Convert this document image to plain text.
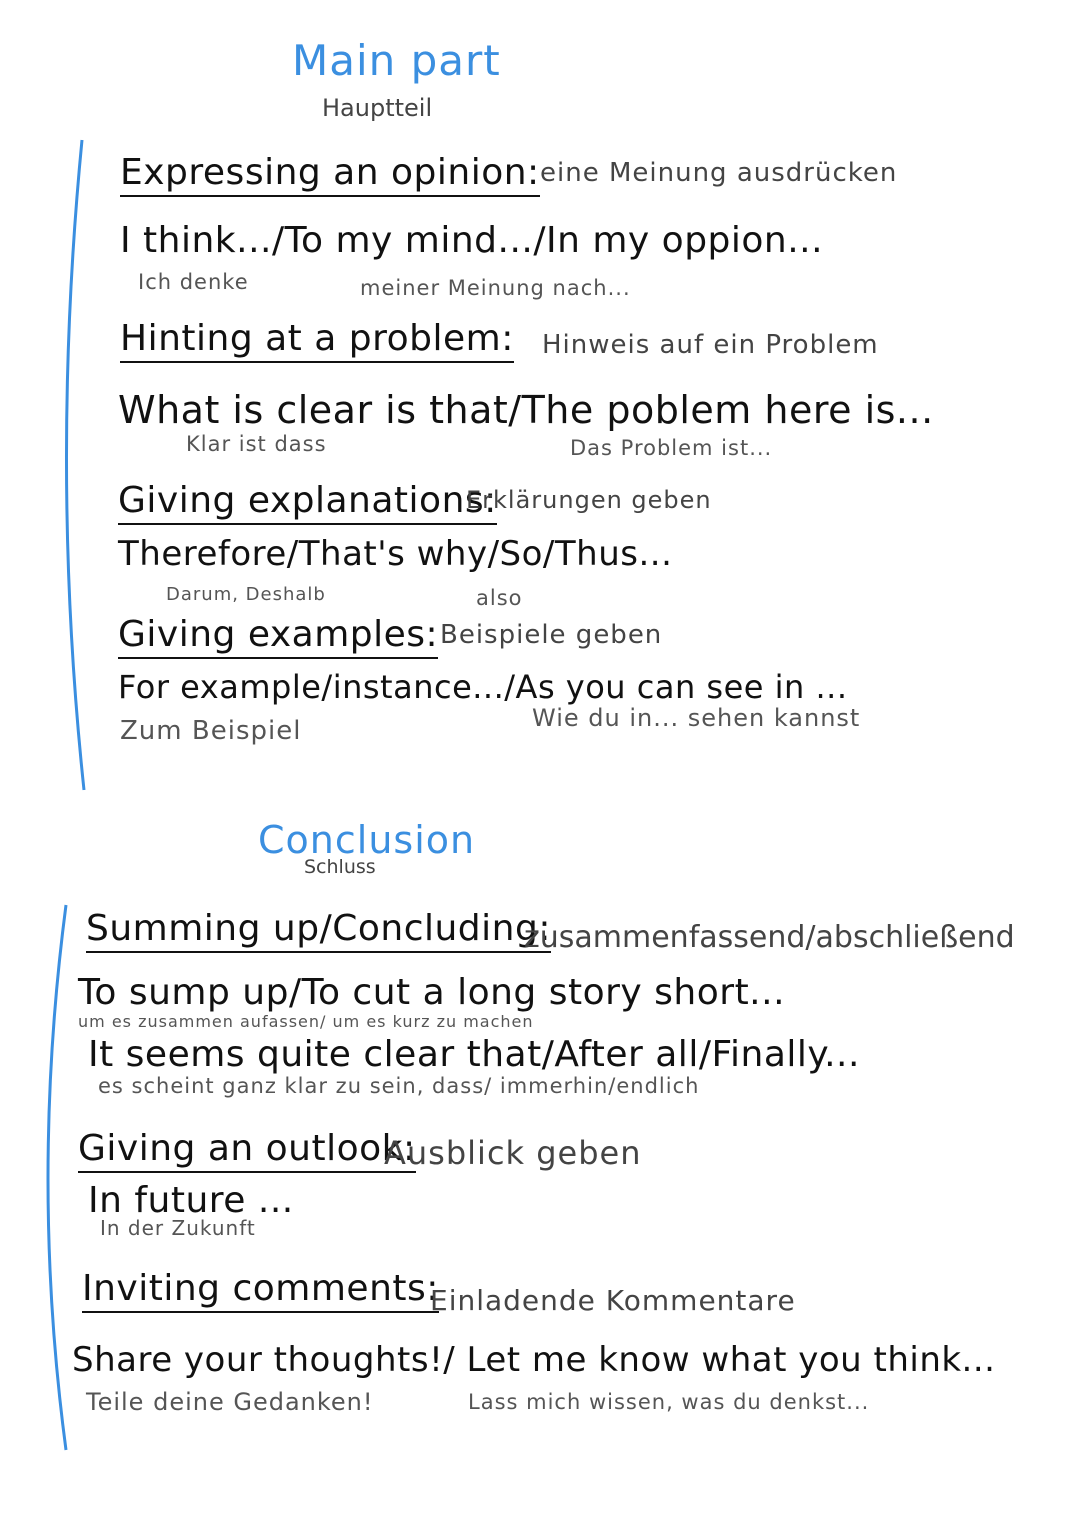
Main part
Hauptteil
Expressing an opinion: eine Meinung ausdrücken
I think.../To my mind.../In my oppion...
Ich denke	meiner Meinung nach...
Hinting at a problem: Hinweis auf ein Problem
What is clear is that/The poblem here is...
Klar ist dass	Das Problem ist...
Giving explanations:
Erklärungen geben
Therefore/That's why/So/Thus...
Darum, Deshalb	also
Giving examples: Beispiele geben
For example/instance.../As you can see in ...
Zum Beispiel	Wie du in... sehen kannst
Conclusion
Schluss
Summing up/Concluding:
zusammenfassend/abschließend
To sump up/To cut a long story short...
um es zusammen aufassen/ um es kurz zu machen
It seems quite clear that/After all/Finally...
es scheint ganz klar zu sein, dass/ immerhin/endlich
Giving an outlook:
Ausblick geben
In future ...
In der Zukunft
Inviting comments:
Einladende Kommentare
Share your thoughts!/ Let me know what you think...
Teile deine Gedanken!	Lass mich wissen, was du denkst...
